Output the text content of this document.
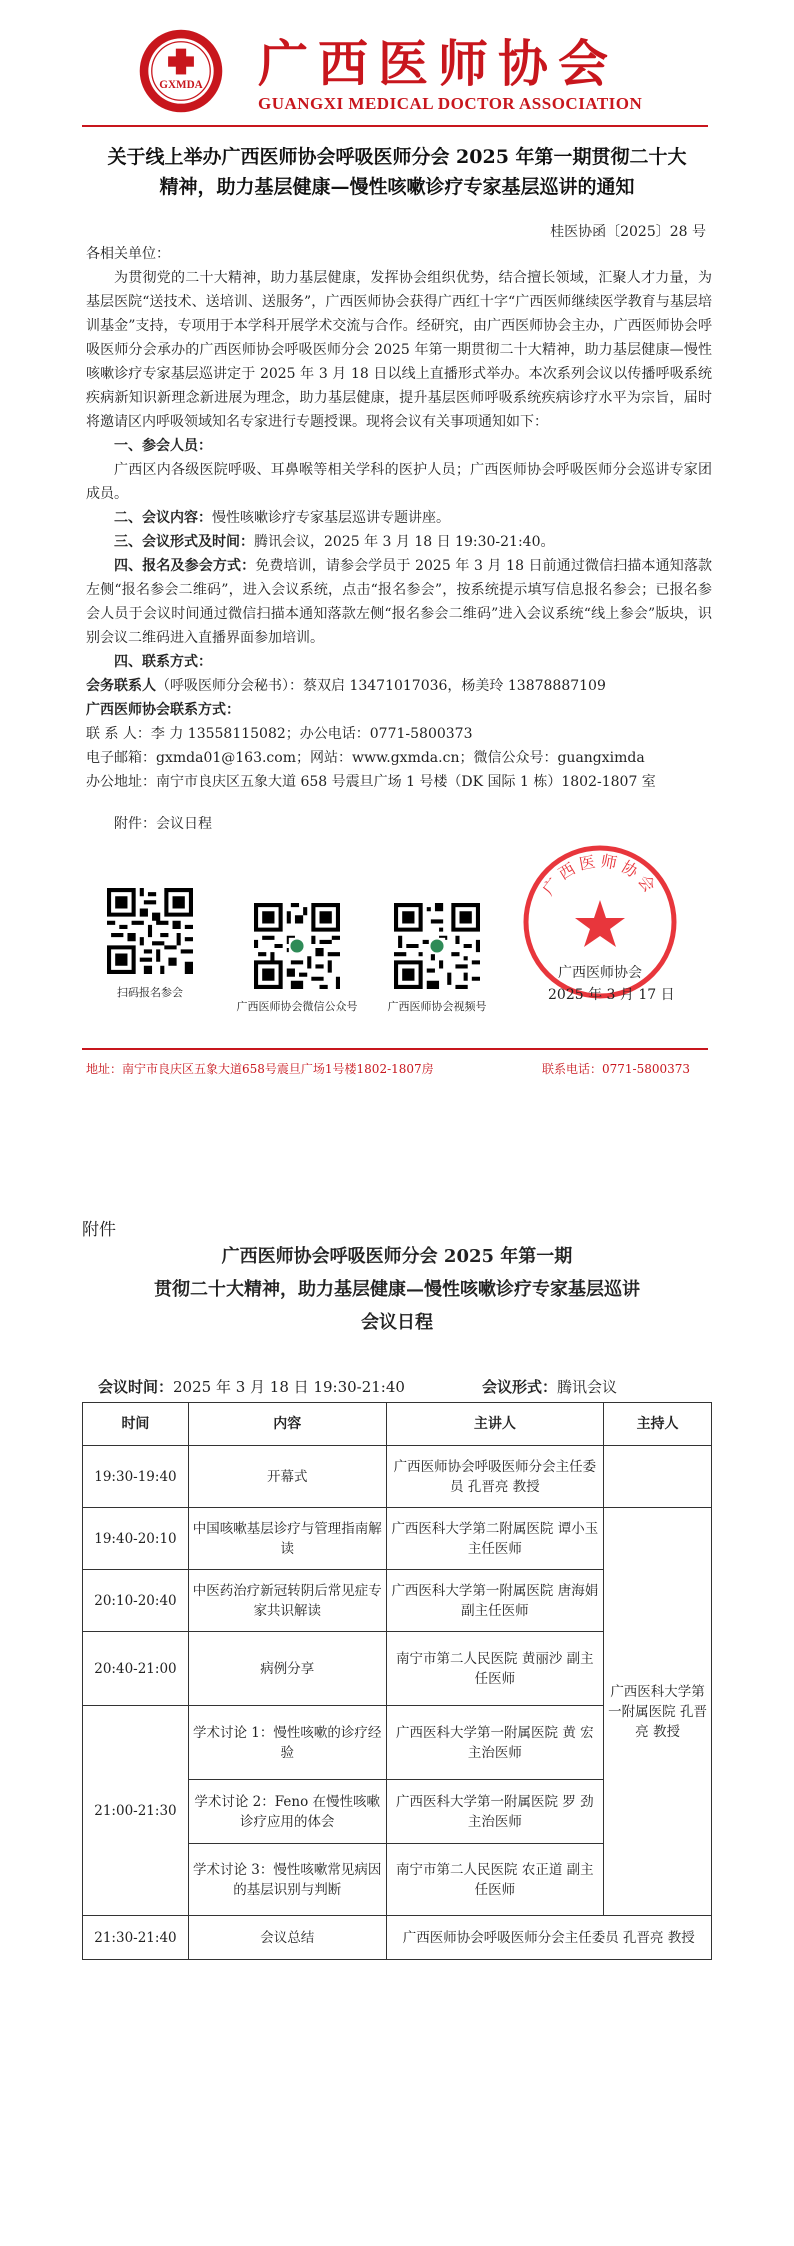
GXMDA 广西医师协会
GUANGXI MEDICAL DOCTOR ASSOCIATION
关于线上举办广西医师协会呼吸医师分会 2025 年第一期贯彻二十大
精神，助力基层健康—慢性咳嗽诊疗专家基层巡讲的通知
桂医协函〔2025〕28 号

各相关单位：

为贯彻党的二十大精神，助力基层健康，发挥协会组织优势，结合擅长领域，汇聚人才力量，为基层医院“送技术、送培训、送服务”，广西医师协会获得广西红十字“广西医师继续医学教育与基层培训基金”支持，专项用于本学科开展学术交流与合作。经研究，由广西医师协会主办，广西医师协会呼吸医师分会承办的广西医师协会呼吸医师分会 2025 年第一期贯彻二十大精神，助力基层健康—慢性咳嗽诊疗专家基层巡讲定于 2025 年 3 月 18 日以线上直播形式举办。本次系列会议以传播呼吸系统疾病新知识新理念新进展为理念，助力基层健康，提升基层医师呼吸系统疾病诊疗水平为宗旨，届时将邀请区内呼吸领域知名专家进行专题授课。现将会议有关事项通知如下：

一、参会人员：

广西区内各级医院呼吸、耳鼻喉等相关学科的医护人员；广西医师协会呼吸医师分会巡讲专家团成员。

二、会议内容：慢性咳嗽诊疗专家基层巡讲专题讲座。

三、会议形式及时间：腾讯会议，2025 年 3 月 18 日 19:30-21:40。

四、报名及参会方式：免费培训，请参会学员于 2025 年 3 月 18 日前通过微信扫描本通知落款左侧“报名参会二维码”，进入会议系统，点击“报名参会”，按系统提示填写信息报名参会；已报名参会人员于会议时间通过微信扫描本通知落款左侧“报名参会二维码”进入会议系统“线上参会”版块，识别会议二维码进入直播界面参加培训。

四、联系方式：

会务联系人（呼吸医师分会秘书）：蔡双启 13471017036，杨美玲 13878887109

广西医师协会联系方式：

联 系 人：李 力 13558115082；办公电话：0771-5800373

电子邮箱：gxmda01@163.com；网站：www.gxmda.cn；微信公众号：guangximda

办公地址：南宁市良庆区五象大道 658 号震旦广场 1 号楼（DK 国际 1 栋）1802-1807 室

附件：会议日程

扫码报名参会
广西医师协会微信公众号	广西医师协会视频号
广西医师协会
广西医师协会
2025 年 3 月 17 日
地址：南宁市良庆区五象大道658号震旦广场1号楼1802-1807房	联系电话：0771-5800373
附件
广西医师协会呼吸医师分会 2025 年第一期
贯彻二十大精神，助力基层健康—慢性咳嗽诊疗专家基层巡讲
会议日程
会议时间：2025 年 3 月 18 日 19:30-21:40	会议形式：腾讯会议
时间	内容	主讲人	主持人
19:30-19:40	开幕式	广西医师协会呼吸医师分会主任委员 孔晋亮 教授	
19:40-20:10	中国咳嗽基层诊疗与管理指南解读	广西医科大学第二附属医院 谭小玉 主任医师	广西医科大学第一附属医院 孔晋亮 教授
20:10-20:40	中医药治疗新冠转阴后常见症专家共识解读	广西医科大学第一附属医院 唐海娟 副主任医师	
20:40-21:00	病例分享	南宁市第二人民医院 黄丽沙 副主任医师	
21:00-21:30	学术讨论 1：慢性咳嗽的诊疗经验	广西医科大学第一附属医院 黄 宏 主治医师	
	学术讨论 2：Feno 在慢性咳嗽诊疗应用的体会	广西医科大学第一附属医院 罗 劲 主治医师	
	学术讨论 3：慢性咳嗽常见病因的基层识别与判断	南宁市第二人民医院 农正道 副主任医师	
21:30-21:40	会议总结	广西医师协会呼吸医师分会主任委员 孔晋亮 教授	
